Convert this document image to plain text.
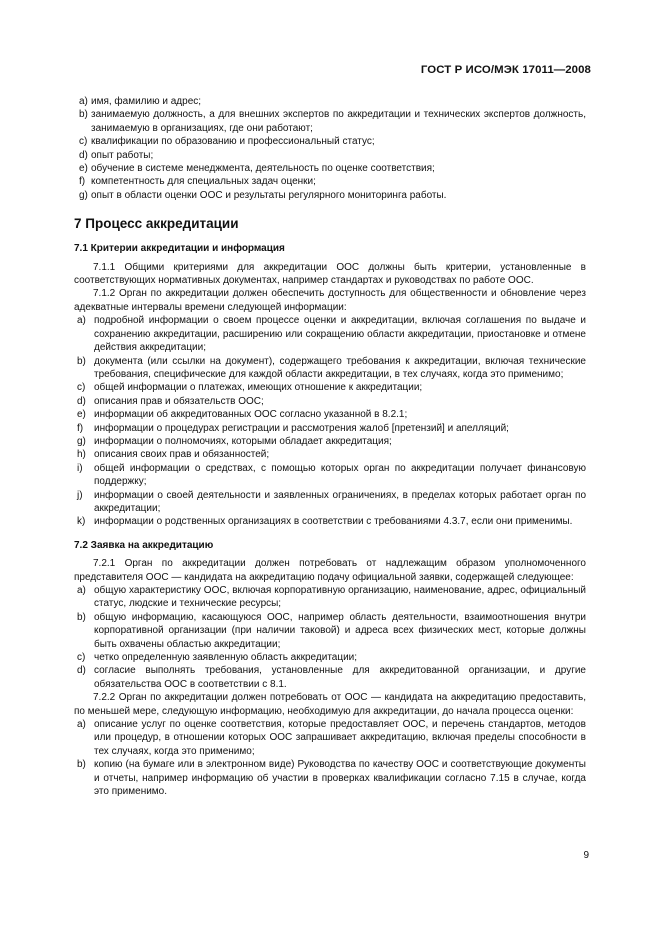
ГОСТ Р ИСО/МЭК 17011—2008
a) имя, фамилию и адрес;
b) занимаемую должность, а для внешних экспертов по аккредитации и технических экспертов должность, занимаемую в организациях, где они работают;
c) квалификации по образованию и профессиональный статус;
d) опыт работы;
e) обучение в системе менеджмента, деятельность по оценке соответствия;
f) компетентность для специальных задач оценки;
g) опыт в области оценки ООС и результаты регулярного мониторинга работы.
7 Процесс аккредитации
7.1 Критерии аккредитации и информация
7.1.1 Общими критериями для аккредитации ООС должны быть критерии, установленные в соответствующих нормативных документах, например стандартах и руководствах по работе ООС.
7.1.2 Орган по аккредитации должен обеспечить доступность для общественности и обновление через адекватные интервалы времени следующей информации:
a) подробной информации о своем процессе оценки и аккредитации, включая соглашения по выдаче и сохранению аккредитации, расширению или сокращению области аккредитации, приостановке и отмене действия аккредитации;
b) документа (или ссылки на документ), содержащего требования к аккредитации, включая технические требования, специфические для каждой области аккредитации, в тех случаях, когда это применимо;
c) общей информации о платежах, имеющих отношение к аккредитации;
d) описания прав и обязательств ООС;
e) информации об аккредитованных ООС согласно указанной в 8.2.1;
f) информации о процедурах регистрации и рассмотрения жалоб [претензий] и апелляций;
g) информации о полномочиях, которыми обладает аккредитация;
h) описания своих прав и обязанностей;
i) общей информации о средствах, с помощью которых орган по аккредитации получает финансовую поддержку;
j) информации о своей деятельности и заявленных ограничениях, в пределах которых работает орган по аккредитации;
k) информации о родственных организациях в соответствии с требованиями 4.3.7, если они применимы.
7.2 Заявка на аккредитацию
7.2.1 Орган по аккредитации должен потребовать от надлежащим образом уполномоченного представителя ООС — кандидата на аккредитацию подачу официальной заявки, содержащей следующее:
a) общую характеристику ООС, включая корпоративную организацию, наименование, адрес, официальный статус, людские и технические ресурсы;
b) общую информацию, касающуюся ООС, например область деятельности, взаимоотношения внутри корпоративной организации (при наличии таковой) и адреса всех физических мест, которые должны быть охвачены областью аккредитации;
c) четко определенную заявленную область аккредитации;
d) согласие выполнять требования, установленные для аккредитованной организации, и другие обязательства ООС в соответствии с 8.1.
7.2.2 Орган по аккредитации должен потребовать от ООС — кандидата на аккредитацию предоставить, по меньшей мере, следующую информацию, необходимую для аккредитации, до начала процесса оценки:
a) описание услуг по оценке соответствия, которые предоставляет ООС, и перечень стандартов, методов или процедур, в отношении которых ООС запрашивает аккредитацию, включая пределы способности в тех случаях, когда это применимо;
b) копию (на бумаге или в электронном виде) Руководства по качеству ООС и соответствующие документы и отчеты, например информацию об участии в проверках квалификации согласно 7.15 в случае, когда это применимо.
9
